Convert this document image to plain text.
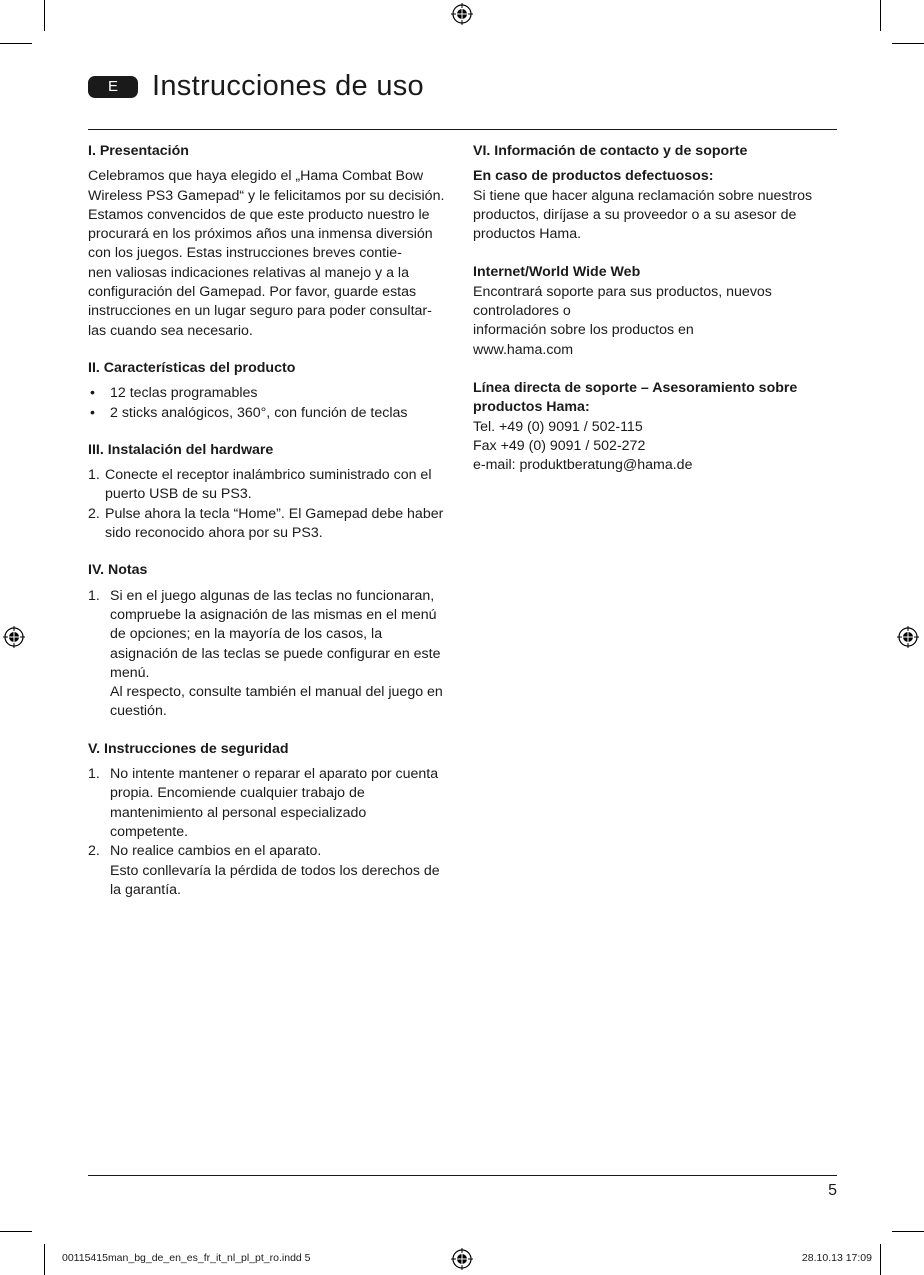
E	Instrucciones de uso
I. Presentación

Celebramos que haya elegido el „Hama Combat Bow
Wireless PS3 Gamepad“ y le felicitamos por su decisión.
Estamos convencidos de que este producto nuestro le
procurará en los próximos años una inmensa diversión
con los juegos. Estas instrucciones breves contie-
nen valiosas indicaciones relativas al manejo y a la
configuración del Gamepad. Por favor, guarde estas
instrucciones en un lugar seguro para poder consultar-
las cuando sea necesario.

II. Características del producto
• 12 teclas programables
• 2 sticks analógicos, 360°, con función de teclas
III. Instalación del hardware
1. Conecte el receptor inalámbrico suministrado con el
puerto USB de su PS3.
2. Pulse ahora la tecla “Home”. El Gamepad debe haber
sido reconocido ahora por su PS3.
IV. Notas
1. Si en el juego algunas de las teclas no funcionaran,
compruebe la asignación de las mismas en el menú
de opciones; en la mayoría de los casos, la
asignación de las teclas se puede configurar en este
menú.
Al respecto, consulte también el manual del juego en
cuestión.
V. Instrucciones de seguridad
1. No intente mantener o reparar el aparato por cuenta
propia. Encomiende cualquier trabajo de
mantenimiento al personal especializado
competente.
2. No realice cambios en el aparato.
Esto conllevaría la pérdida de todos los derechos de
la garantía.
VI. Información de contacto y de soporte
En caso de productos defectuosos:
Si tiene que hacer alguna reclamación sobre nuestros
productos, diríjase a su proveedor o a su asesor de
productos Hama.
Internet/World Wide Web
Encontrará soporte para sus productos, nuevos
controladores o
información sobre los productos en
www.hama.com
Línea directa de soporte – Asesoramiento sobre
productos Hama:
Tel. +49 (0) 9091 / 502-115
Fax +49 (0) 9091 / 502-272
e-mail: produktberatung@hama.de
5
00115415man_bg_de_en_es_fr_it_nl_pl_pt_ro.indd 5	28.10.13 17:09
